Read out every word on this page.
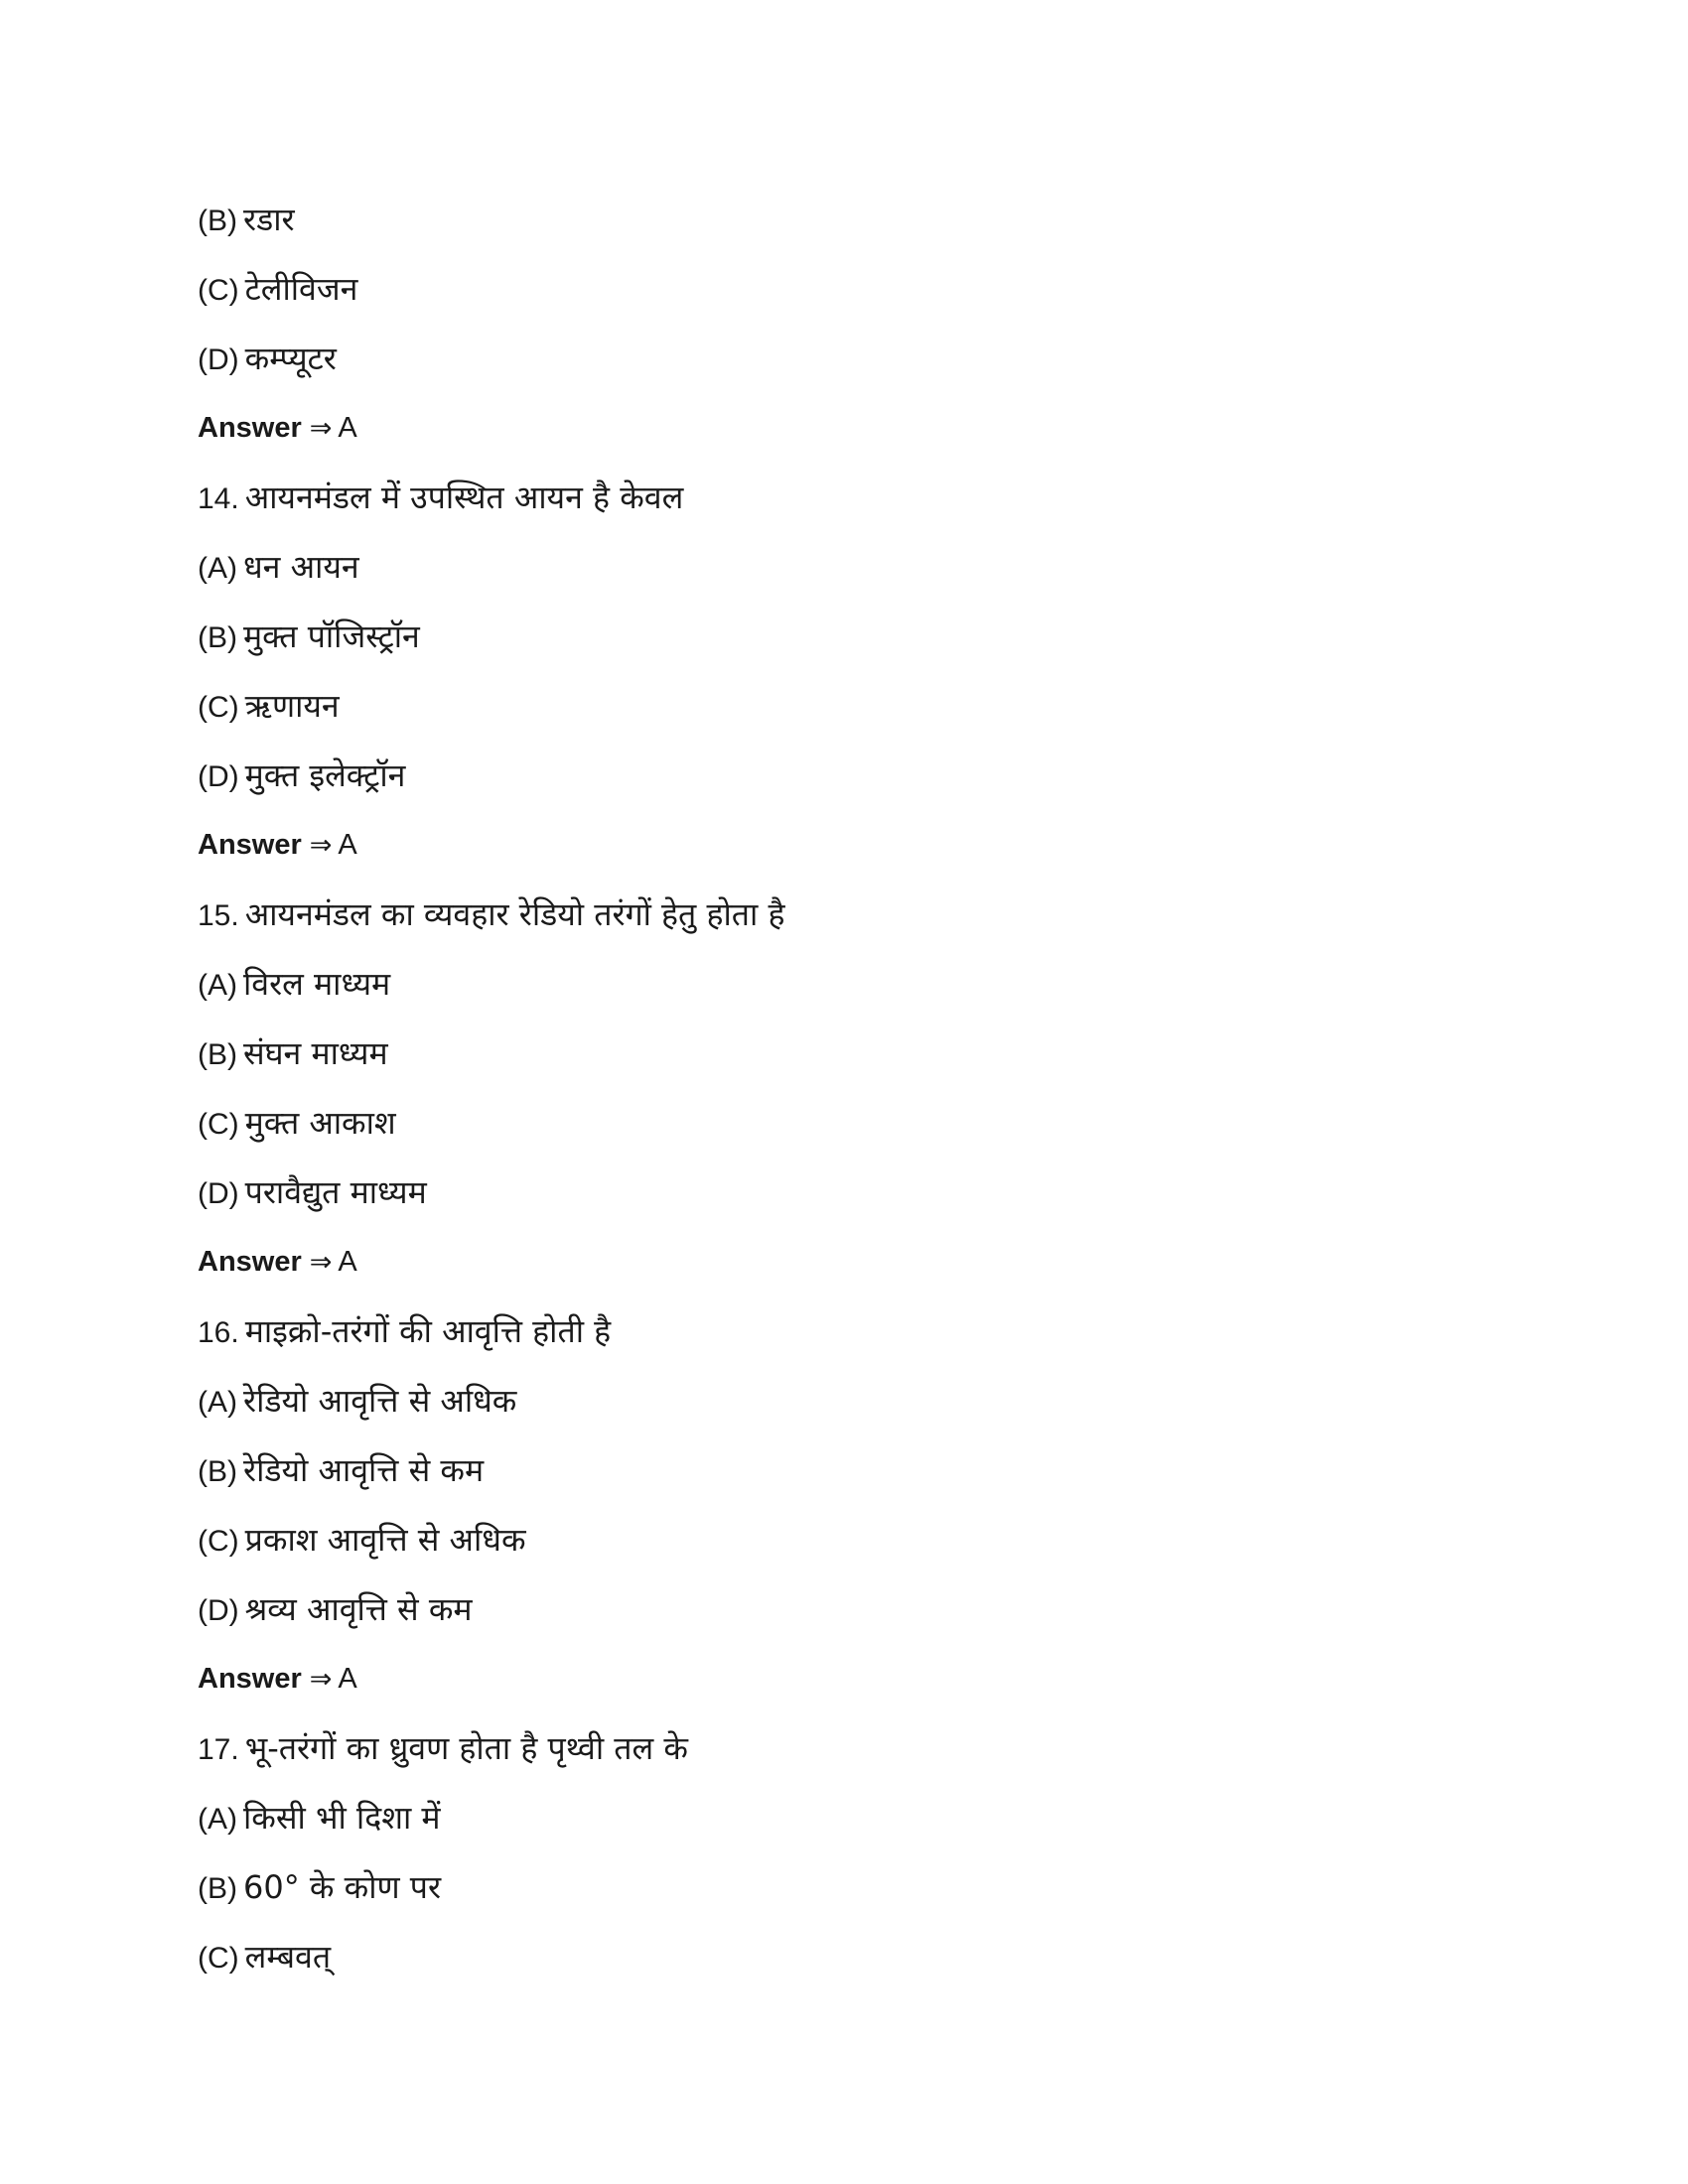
(B) रडार
(C) टेलीविजन
(D) कम्प्यूटर
Answer ⇒ A
14. आयनमंडल में उपस्थित आयन है केवल
(A) धन आयन
(B) मुक्त पॉजिस्ट्रॉन
(C) ऋणायन
(D) मुक्त इलेक्ट्रॉन
Answer ⇒ A
15. आयनमंडल का व्यवहार रेडियो तरंगों हेतु होता है
(A) विरल माध्यम
(B) संघन माध्यम
(C) मुक्त आकाश
(D) परावैद्युत माध्यम
Answer ⇒ A
16. माइक्रो-तरंगों की आवृत्ति होती है
(A) रेडियो आवृत्ति से अधिक
(B) रेडियो आवृत्ति से कम
(C) प्रकाश आवृत्ति से अधिक
(D) श्रव्य आवृत्ति से कम
Answer ⇒ A
17. भू-तरंगों का ध्रुवण होता है पृथ्वी तल के
(A) किसी भी दिशा में
(B) 60° के कोण पर
(C) लम्बवत्
